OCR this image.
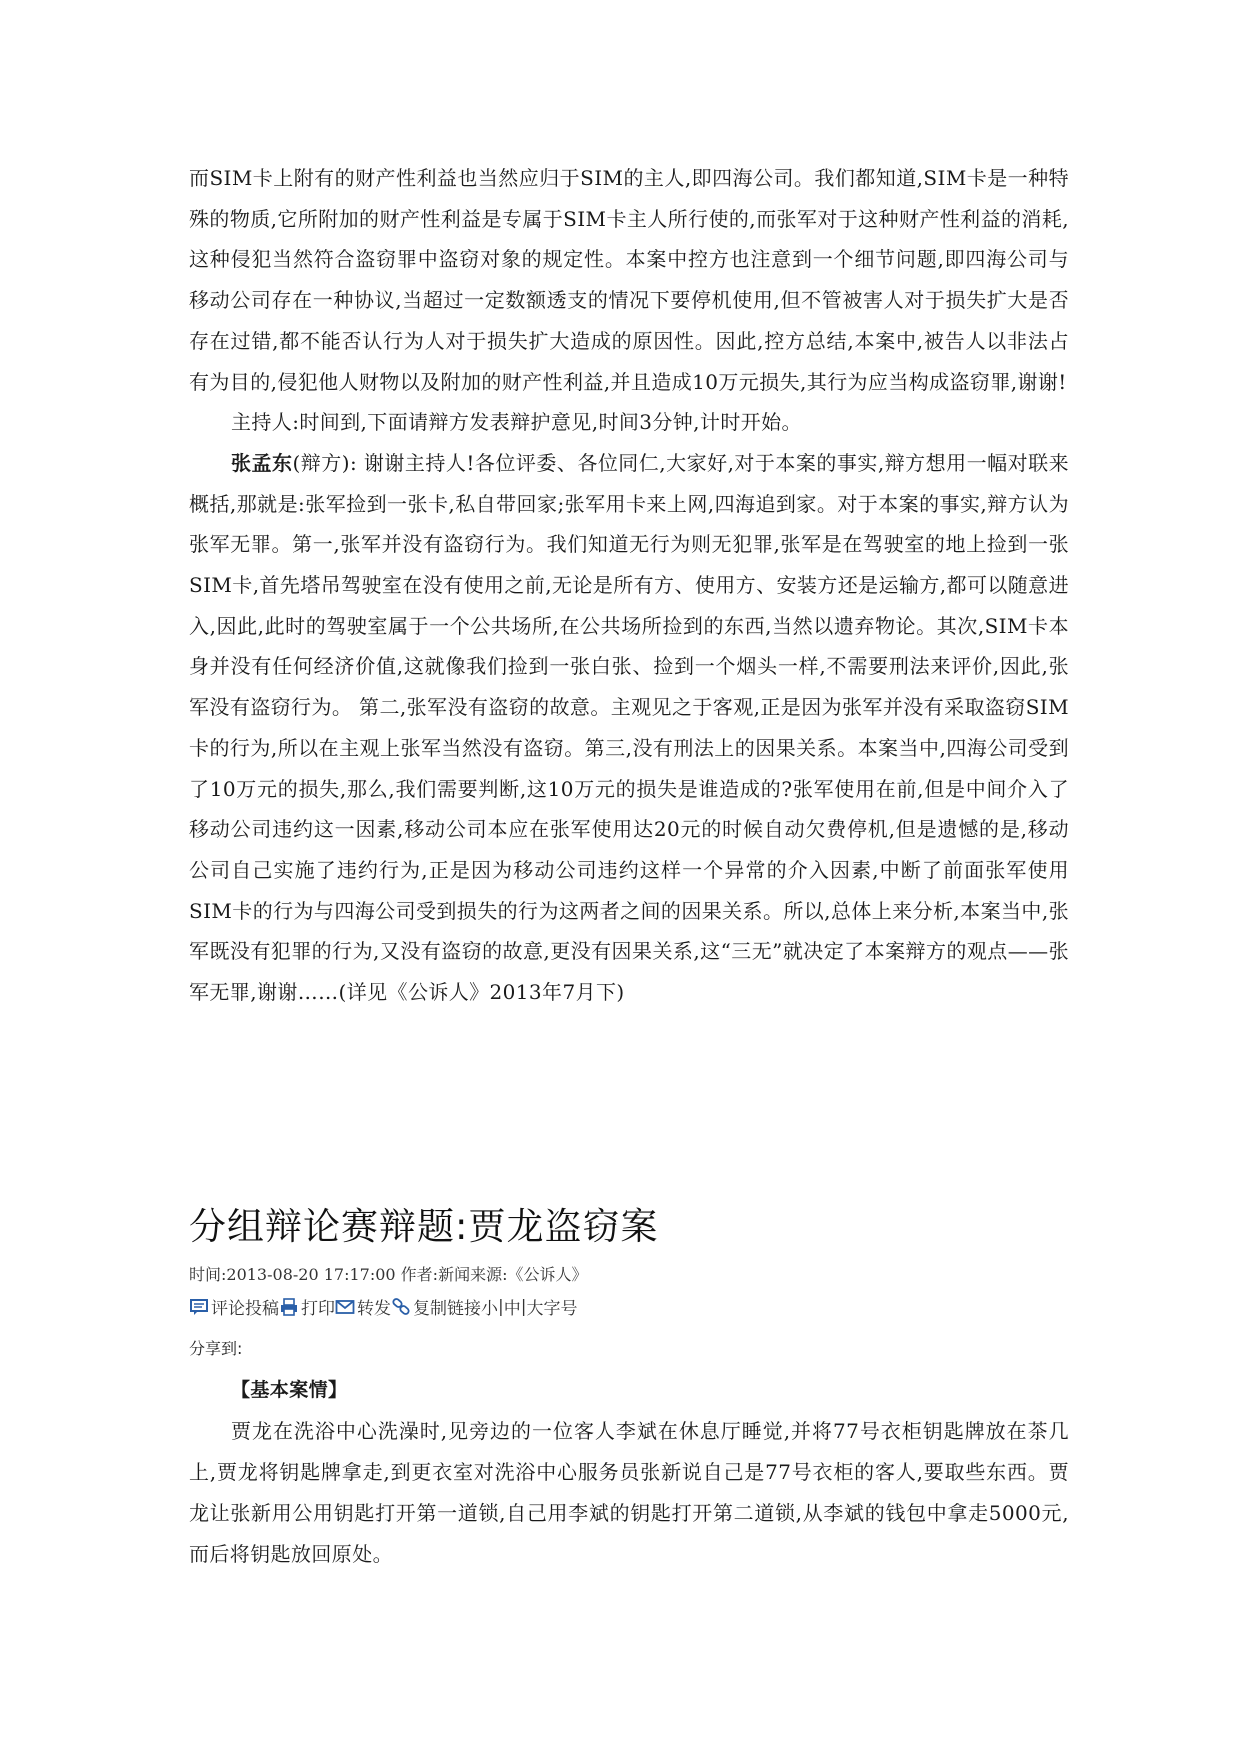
而SIM卡上附有的财产性利益也当然应归于SIM的主人,即四海公司。我们都知道,SIM卡是一种特殊的物质,它所附加的财产性利益是专属于SIM卡主人所行使的,而张军对于这种财产性利益的消耗,这种侵犯当然符合盗窃罪中盗窃对象的规定性。本案中控方也注意到一个细节问题,即四海公司与移动公司存在一种协议,当超过一定数额透支的情况下要停机使用,但不管被害人对于损失扩大是否存在过错,都不能否认行为人对于损失扩大造成的原因性。因此,控方总结,本案中,被告人以非法占有为目的,侵犯他人财物以及附加的财产性利益,并且造成10万元损失,其行为应当构成盗窃罪,谢谢!

主持人:时间到,下面请辩方发表辩护意见,时间3分钟,计时开始。

张孟东(辩方): 谢谢主持人!各位评委、各位同仁,大家好,对于本案的事实,辩方想用一幅对联来概括,那就是:张军捡到一张卡,私自带回家;张军用卡来上网,四海追到家。对于本案的事实,辩方认为张军无罪。第一,张军并没有盗窃行为。我们知道无行为则无犯罪,张军是在驾驶室的地上捡到一张SIM卡,首先塔吊驾驶室在没有使用之前,无论是所有方、使用方、安装方还是运输方,都可以随意进入,因此,此时的驾驶室属于一个公共场所,在公共场所捡到的东西,当然以遗弃物论。其次,SIM卡本身并没有任何经济价值,这就像我们捡到一张白张、捡到一个烟头一样,不需要刑法来评价,因此,张军没有盗窃行为。 第二,张军没有盗窃的故意。主观见之于客观,正是因为张军并没有采取盗窃SIM卡的行为,所以在主观上张军当然没有盗窃。第三,没有刑法上的因果关系。本案当中,四海公司受到了10万元的损失,那么,我们需要判断,这10万元的损失是谁造成的?张军使用在前,但是中间介入了移动公司违约这一因素,移动公司本应在张军使用达20元的时候自动欠费停机,但是遗憾的是,移动公司自己实施了违约行为,正是因为移动公司违约这样一个异常的介入因素,中断了前面张军使用SIM卡的行为与四海公司受到损失的行为这两者之间的因果关系。所以,总体上来分析,本案当中,张军既没有犯罪的行为,又没有盗窃的故意,更没有因果关系,这“三无”就决定了本案辩方的观点——张军无罪,谢谢……(详见《公诉人》2013年7月下)

分组辩论赛辩题:贾龙盗窃案
时间:2013-08-20 17:17:00 作者:新闻来源:《公诉人》
评论投稿 打印 转发 复制链接 小 | 中 | 大字号
分享到:

【基本案情】

贾龙在洗浴中心洗澡时,见旁边的一位客人李斌在休息厅睡觉,并将77号衣柜钥匙牌放在茶几上,贾龙将钥匙牌拿走,到更衣室对洗浴中心服务员张新说自己是77号衣柜的客人,要取些东西。贾龙让张新用公用钥匙打开第一道锁,自己用李斌的钥匙打开第二道锁,从李斌的钱包中拿走5000元,而后将钥匙放回原处。
